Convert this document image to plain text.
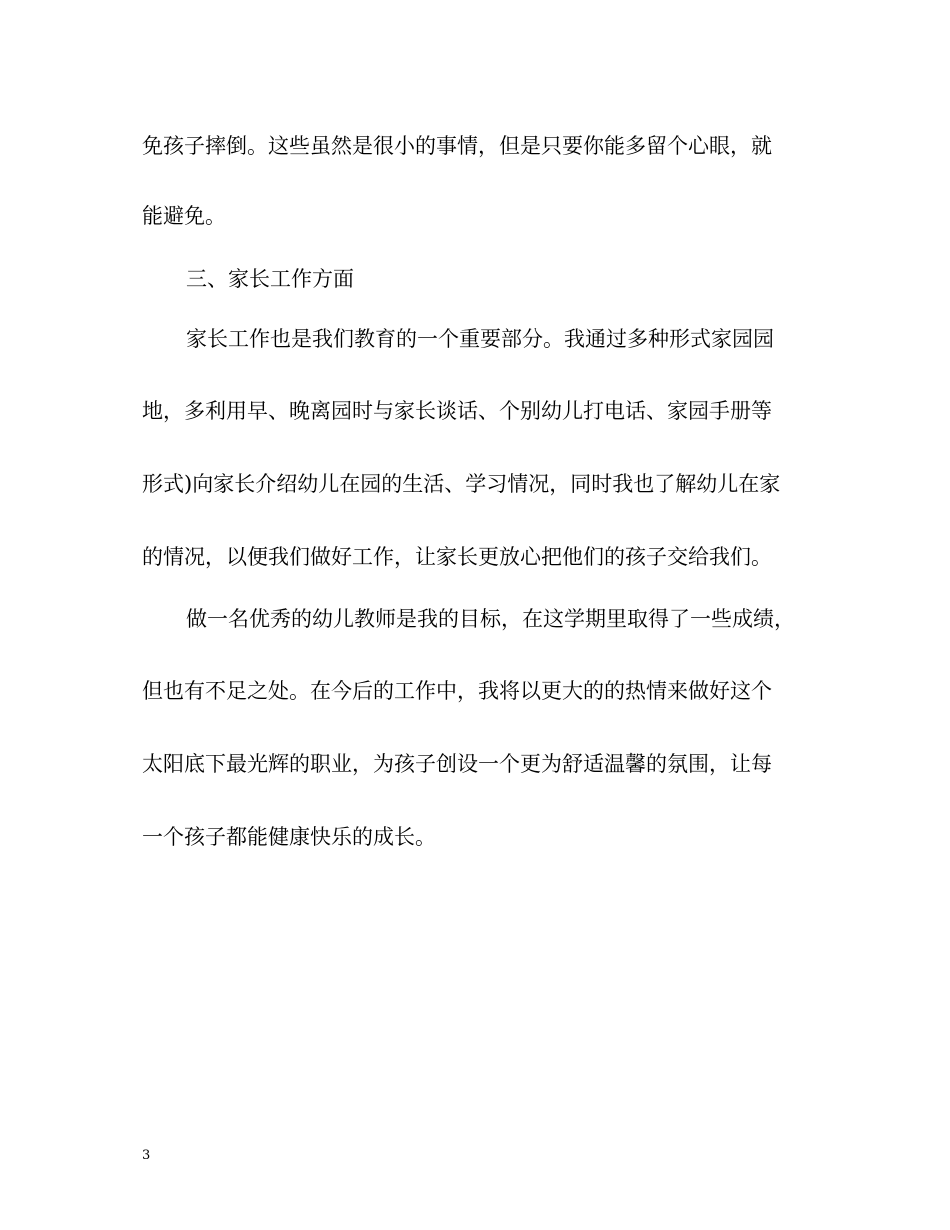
免孩子摔倒。这些虽然是很小的事情，但是只要你能多留个心眼，就
能避免。
三、家长工作方面
家长工作也是我们教育的一个重要部分。我通过多种形式家园园
地，多利用早、晚离园时与家长谈话、个别幼儿打电话、家园手册等
形式)向家长介绍幼儿在园的生活、学习情况，同时我也了解幼儿在家
的情况，以便我们做好工作，让家长更放心把他们的孩子交给我们。
做一名优秀的幼儿教师是我的目标，在这学期里取得了一些成绩，
但也有不足之处。在今后的工作中，我将以更大的的热情来做好这个
太阳底下最光辉的职业，为孩子创设一个更为舒适温馨的氛围，让每
一个孩子都能健康快乐的成长。
3
